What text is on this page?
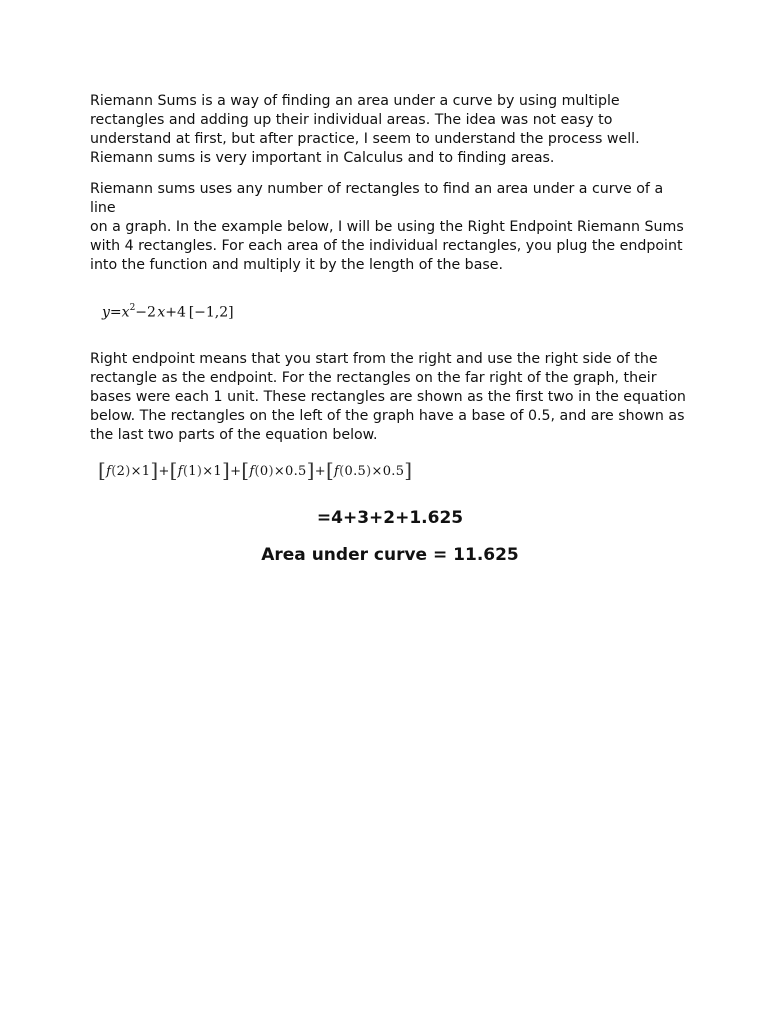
Riemann Sums is a way of finding an area under a curve by using multiple
rectangles and adding up their individual areas. The idea was not easy to
understand at first, but after practice, I seem to understand the process well.
Riemann sums is very important in Calculus and to finding areas.

Riemann sums uses any number of rectangles to find an area under a curve of a line
on a graph. In the example below, I will be using the Right Endpoint Riemann Sums
with 4 rectangles. For each area of the individual rectangles, you plug the endpoint
into the function and multiply it by the length of the base.

$y=x^2-2$ x+4  [−1,2]

Right endpoint means that you start from the right and use the right side of the
rectangle as the endpoint. For the rectangles on the far right of the graph, their
bases were each 1 unit. These rectangles are shown as the first two in the equation
below. The rectangles on the left of the graph have a base of 0.5, and are shown as
the last two parts of the equation below.

[f(2)×1]+[f(1)×1]+[f(0)×0.5]+[f(0.5)×0.5]
=4+3+2+1.625
Area under curve = 11.625
